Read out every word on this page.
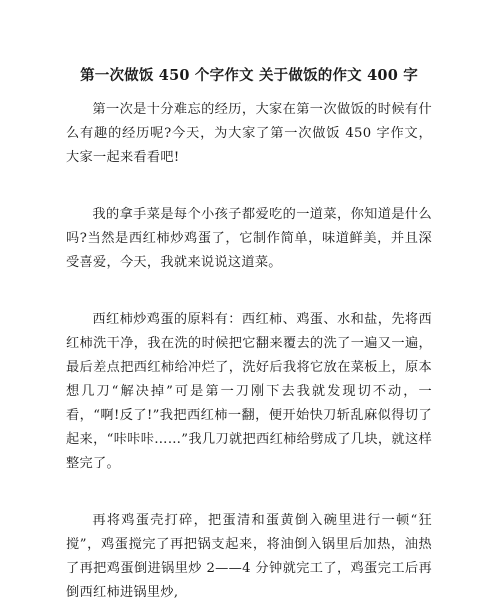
第一次做饭 450 个字作文 关于做饭的作文 400 字

第一次是十分难忘的经历，大家在第一次做饭的时候有什么有趣的经历呢?今天，为大家了第一次做饭 450 字作文，大家一起来看看吧!

我的拿手菜是每个小孩子都爱吃的一道菜，你知道是什么吗?当然是西红柿炒鸡蛋了，它制作简单，味道鲜美，并且深受喜爱，今天，我就来说说这道菜。

西红柿炒鸡蛋的原料有：西红柿、鸡蛋、水和盐，先将西红柿洗干净，我在洗的时候把它翻来覆去的洗了一遍又一遍，最后差点把西红柿给冲烂了，洗好后我将它放在菜板上，原本想几刀“解决掉”可是第一刀刚下去我就发现切不动，一看，“啊!反了!”我把西红柿一翻，便开始快刀斩乱麻似得切了起来，“咔咔咔……”我几刀就把西红柿给劈成了几块，就这样整完了。

再将鸡蛋壳打碎，把蛋清和蛋黄倒入碗里进行一顿“狂搅”，鸡蛋搅完了再把锅支起来，将油倒入锅里后加热，油热了再把鸡蛋倒进锅里炒 2——4 分钟就完工了，鸡蛋完工后再倒西红柿进锅里炒,
